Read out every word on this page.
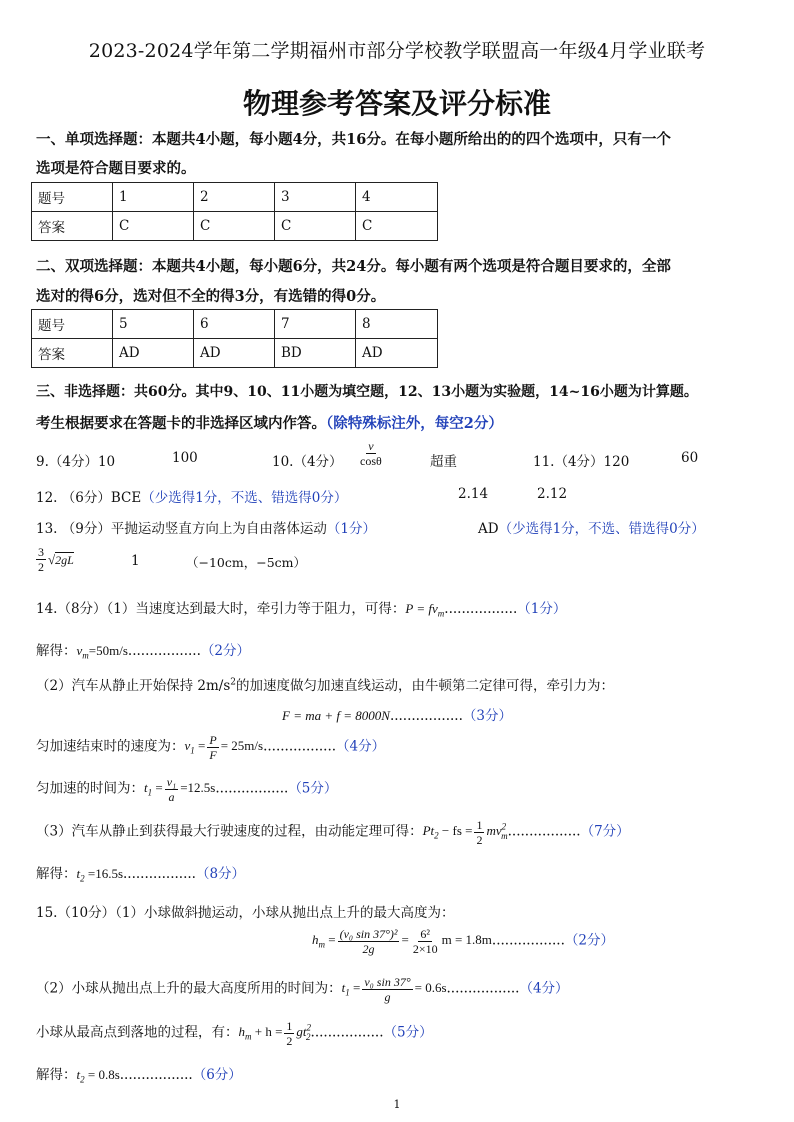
2023-2024学年第二学期福州市部分学校教学联盟高一年级4月学业联考
物理参考答案及评分标准
一、单项选择题：本题共4小题，每小题4分，共16分。在每小题所给出的的四个选项中，只有一个
选项是符合题目要求的。
题号	1	2	3	4
答案	C	C	C	C
二、双项选择题：本题共4小题，每小题6分，共24分。每小题有两个选项是符合题目要求的，全部
选对的得6分，选对但不全的得3分，有选错的得0分。
题号	5	6	7	8
答案	AD	AD	BD	AD
三、非选择题：共60分。其中9、10、11小题为填空题，12、13小题为实验题，14~16小题为计算题。
考生根据要求在答题卡的非选择区域内作答。（除特殊标注外，每空2分）
9.（4分）10	100	10.（4分） $\frac{v}{\cos\theta}$	超重	11.（4分）120	60
12. （6分）BCE（少选得1分，不选、错选得0分）	2.14	2.12
13. （9分）平抛运动竖直方向上为自由落体运动（1分）	AD（少选得1分，不选、错选得0分）
$\frac{3}{2} √2gL$	1	（−10cm，−5cm）
14.（8分）（1）当速度达到最大时，牵引力等于阻力，可得：$P = fv_m.................(1$分）
解得：$v_m=50m/s.................(2$分）
（2）汽车从静止开始保持 $2m/s^2$的加速度做匀加速直线运动，由牛顿第二定律可得，牵引力为：
F = ma + f = 8000N.................（3分）
匀加速结束时的速度为：$v_1 = \frac{P}{F} = 25m/s.................(4$分）
匀加速的时间为：$t_1 = \frac{\text{v₁}}{a} =12.5s.................(5$分）
（3）汽车从静止到获得最大行驶速度的过程，由动能定理可得：$Pt_2$ − fs = $\frac{1}{2} mv^2_m.................(7$分）
解得：$t_2 =16.5s.................(8$分）
15.（10分）（1）小球做斜抛运动，小球从抛出点上升的最大高度为：
$h_m = \frac{\text{(v₀ sin 37°)²}}{2g} = \frac{\text{6²}}{2\times 10}$ m = 1.8m.................（2分）
（2）小球从抛出点上升的最大高度所用的时间为：$t_1 = \frac{\text{v₀ sin 37°}}{g} = 0.6s.................(4$分）
小球从最高点到落地的过程，有：$h_m + h = \frac{1}{2} gt^2_2.................(5$分）
解得：$t_2 = 0.8s.................(6$分）
1
